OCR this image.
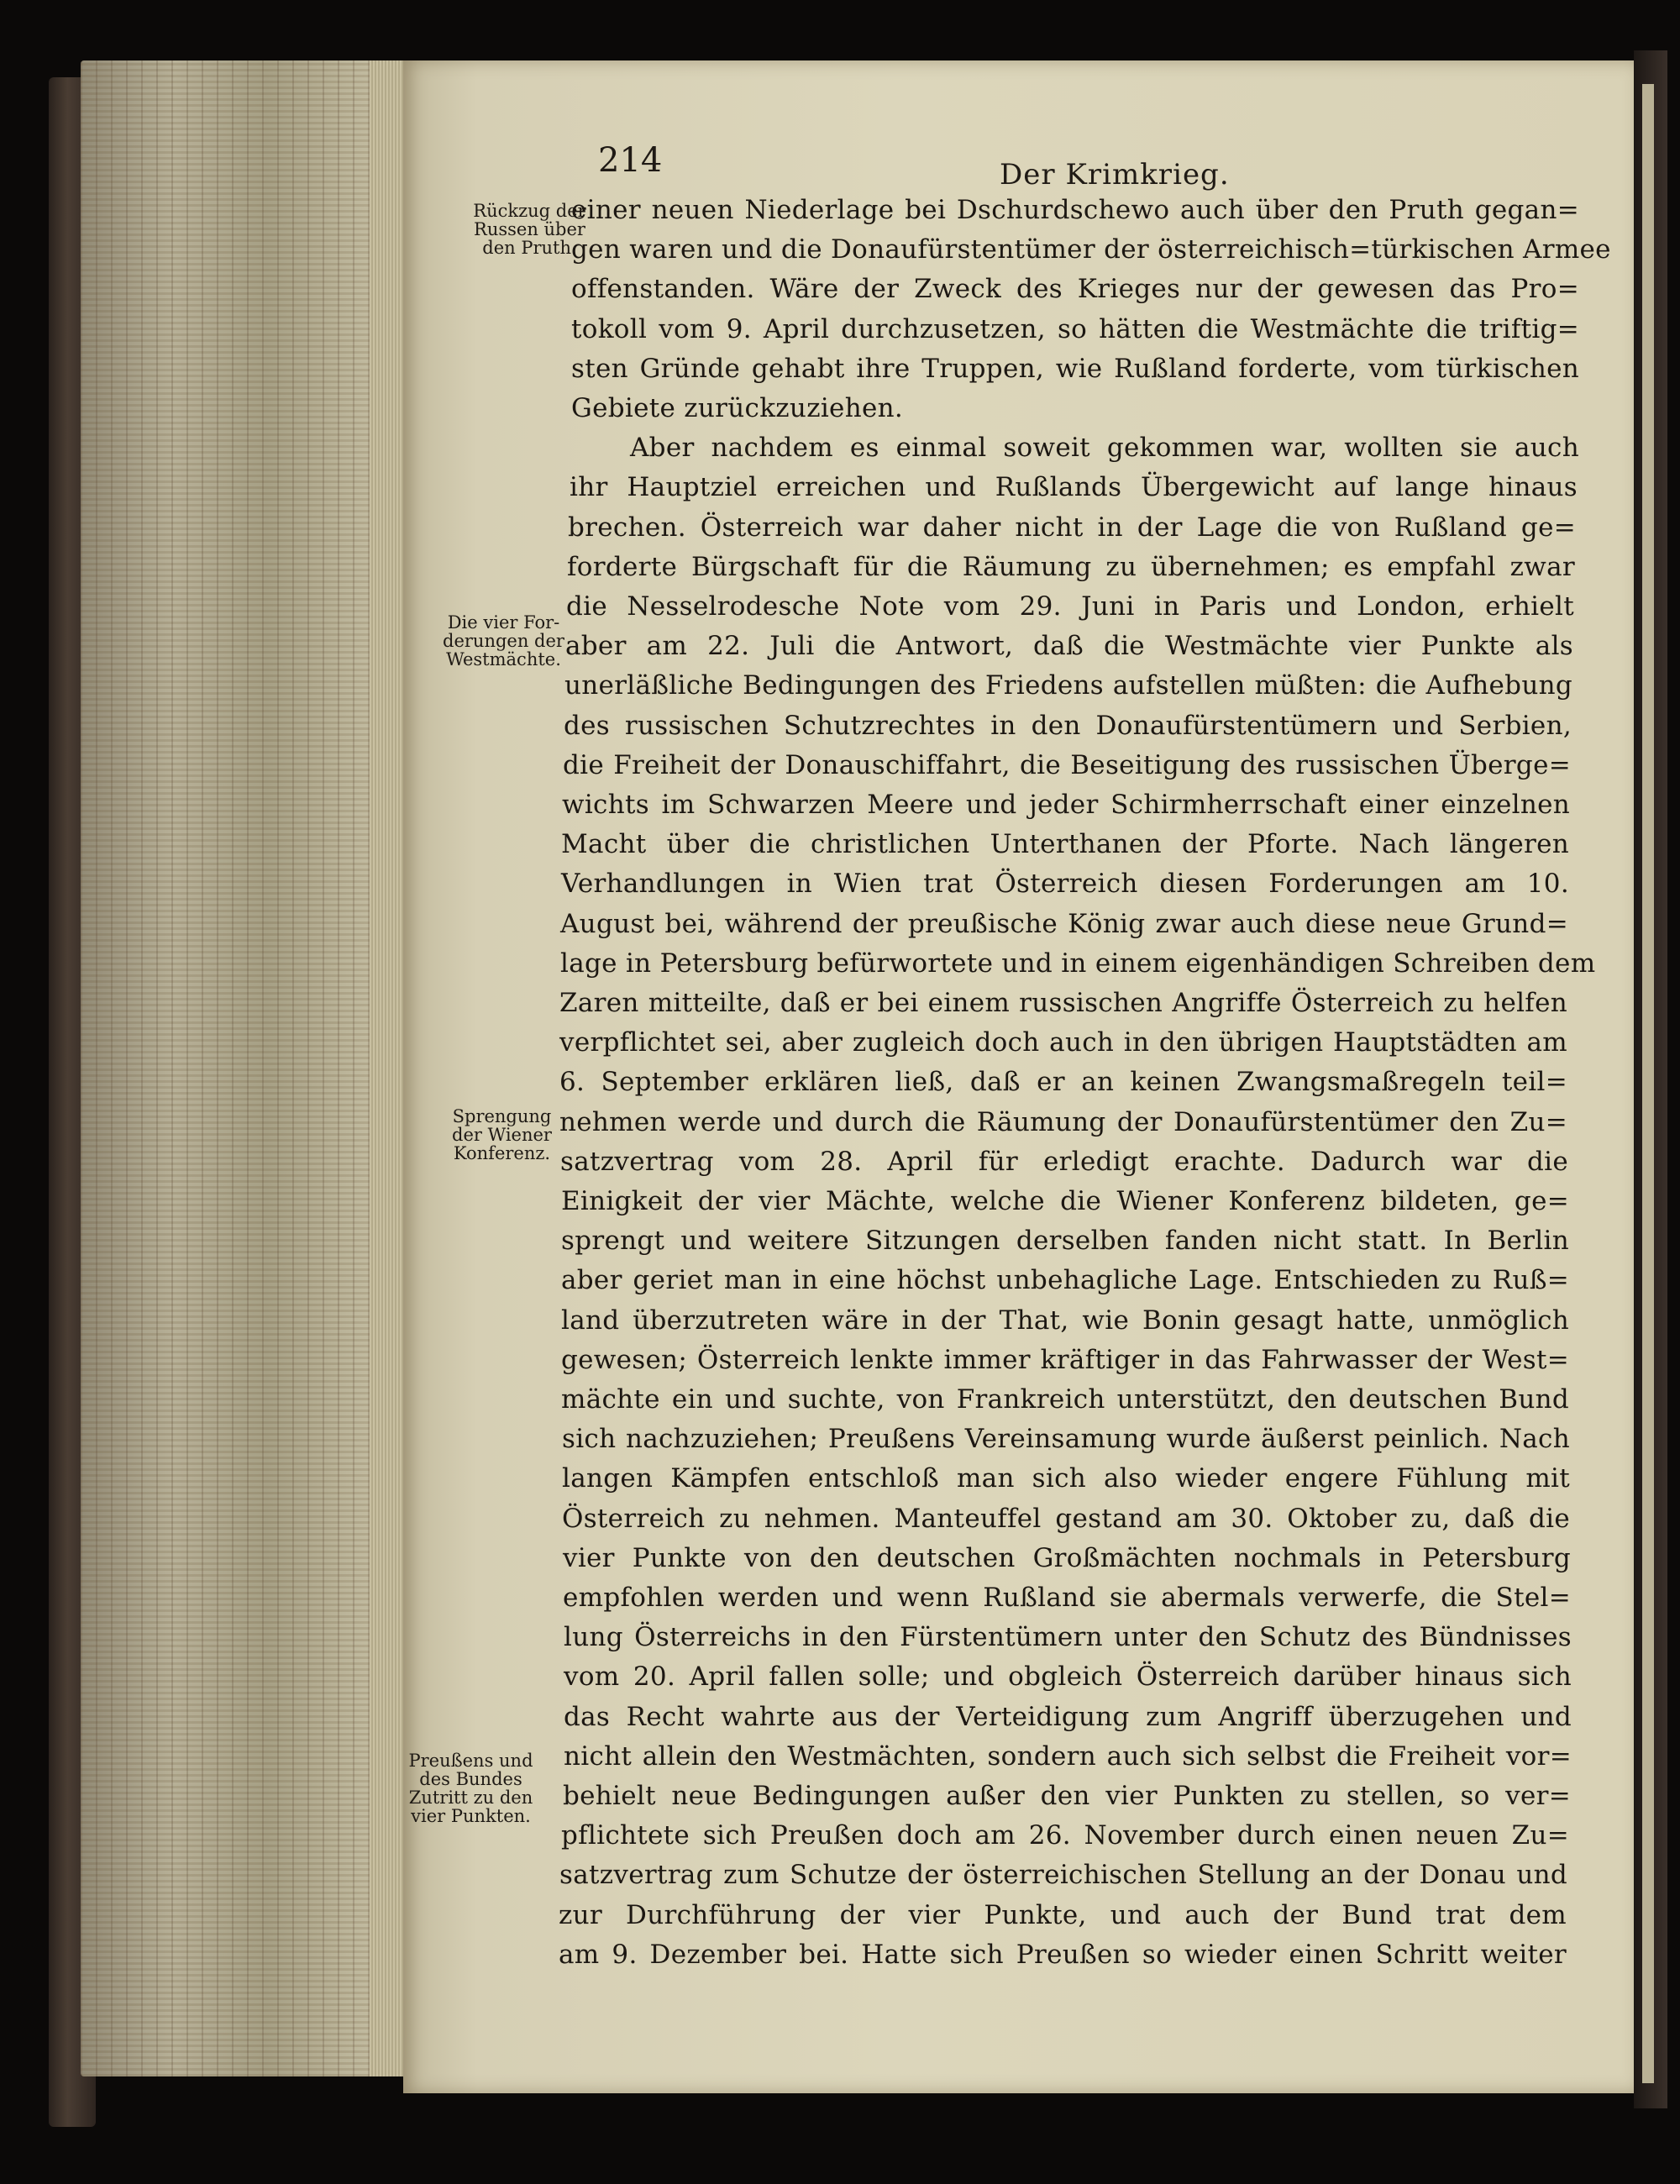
214	Der Krimkrieg.
Rückzug der
Russen über
den Pruth.
Die vier For-
derungen der
Westmächte.
Sprengung
der Wiener
Konferenz.
Preußens und
des Bundes
Zutritt zu den
vier Punkten.
einer neuen Niederlage bei Dschurdschewo auch über den Pruth gegan=
gen waren und die Donaufürstentümer der österreichisch=türkischen Armee
offenstanden. Wäre der Zweck des Krieges nur der gewesen das Pro=
tokoll vom 9. April durchzusetzen, so hätten die Westmächte die triftig=
sten Gründe gehabt ihre Truppen, wie Rußland forderte, vom türkischen
Gebiete zurückzuziehen.
Aber nachdem es einmal soweit gekommen war, wollten sie auch
ihr Hauptziel erreichen und Rußlands Übergewicht auf lange hinaus
brechen. Österreich war daher nicht in der Lage die von Rußland ge=
forderte Bürgschaft für die Räumung zu übernehmen; es empfahl zwar
die Nesselrodesche Note vom 29. Juni in Paris und London, erhielt
aber am 22. Juli die Antwort, daß die Westmächte vier Punkte als
unerläßliche Bedingungen des Friedens aufstellen müßten: die Aufhebung
des russischen Schutzrechtes in den Donaufürstentümern und Serbien,
die Freiheit der Donauschiffahrt, die Beseitigung des russischen Überge=
wichts im Schwarzen Meere und jeder Schirmherrschaft einer einzelnen
Macht über die christlichen Unterthanen der Pforte. Nach längeren
Verhandlungen in Wien trat Österreich diesen Forderungen am 10.
August bei, während der preußische König zwar auch diese neue Grund=
lage in Petersburg befürwortete und in einem eigenhändigen Schreiben dem
Zaren mitteilte, daß er bei einem russischen Angriffe Österreich zu helfen
verpflichtet sei, aber zugleich doch auch in den übrigen Hauptstädten am
6. September erklären ließ, daß er an keinen Zwangsmaßregeln teil=
nehmen werde und durch die Räumung der Donaufürstentümer den Zu=
satzvertrag vom 28. April für erledigt erachte. Dadurch war die
Einigkeit der vier Mächte, welche die Wiener Konferenz bildeten, ge=
sprengt und weitere Sitzungen derselben fanden nicht statt. In Berlin
aber geriet man in eine höchst unbehagliche Lage. Entschieden zu Ruß=
land überzutreten wäre in der That, wie Bonin gesagt hatte, unmöglich
gewesen; Österreich lenkte immer kräftiger in das Fahrwasser der West=
mächte ein und suchte, von Frankreich unterstützt, den deutschen Bund
sich nachzuziehen; Preußens Vereinsamung wurde äußerst peinlich. Nach
langen Kämpfen entschloß man sich also wieder engere Fühlung mit
Österreich zu nehmen. Manteuffel gestand am 30. Oktober zu, daß die
vier Punkte von den deutschen Großmächten nochmals in Petersburg
empfohlen werden und wenn Rußland sie abermals verwerfe, die Stel=
lung Österreichs in den Fürstentümern unter den Schutz des Bündnisses
vom 20. April fallen solle; und obgleich Österreich darüber hinaus sich
das Recht wahrte aus der Verteidigung zum Angriff überzugehen und
nicht allein den Westmächten, sondern auch sich selbst die Freiheit vor=
behielt neue Bedingungen außer den vier Punkten zu stellen, so ver=
pflichtete sich Preußen doch am 26. November durch einen neuen Zu=
satzvertrag zum Schutze der österreichischen Stellung an der Donau und
zur Durchführung der vier Punkte, und auch der Bund trat dem
am 9. Dezember bei. Hatte sich Preußen so wieder einen Schritt weiter
